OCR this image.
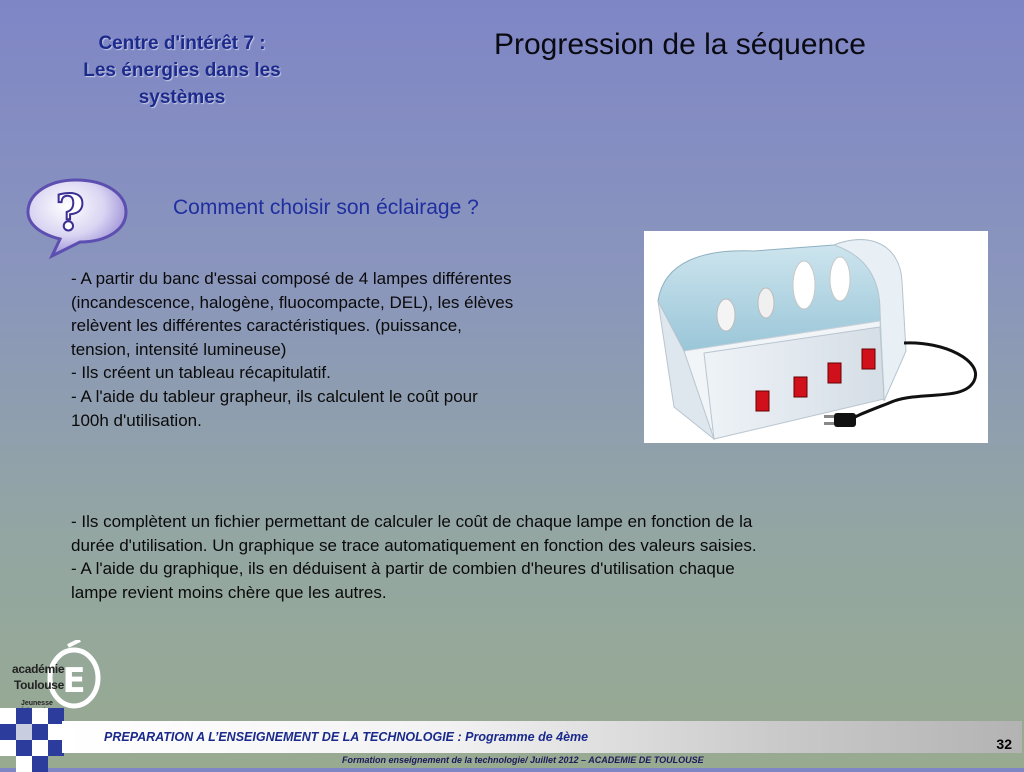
Centre d'intérêt 7 :
Les énergies dans les
systèmes
Progression de la séquence
?	Comment choisir son éclairage ?
- A partir du banc d'essai composé de 4 lampes différentes
(incandescence, halogène, fluocompacte, DEL), les élèves
relèvent les différentes caractéristiques. (puissance,
tension, intensité lumineuse)
- Ils créent un tableau récapitulatif.
- A l'aide du tableur grapheur, ils calculent le coût pour
100h d'utilisation.
- Ils complètent un fichier permettant de calculer le coût de chaque lampe en fonction de la
durée d'utilisation. Un graphique se trace automatiquement en fonction des valeurs saisies.
- A l'aide du graphique, ils en déduisent à partir de combien d'heures d'utilisation chaque
lampe revient moins chère que les autres.
E
académie
Toulouse
Jeunesse

PREPARATION A L’ENSEIGNEMENT DE LA TECHNOLOGIE : Programme de 4ème	32
Formation enseignement de la technologie/ Juillet 2012 – ACADEMIE DE TOULOUSE
